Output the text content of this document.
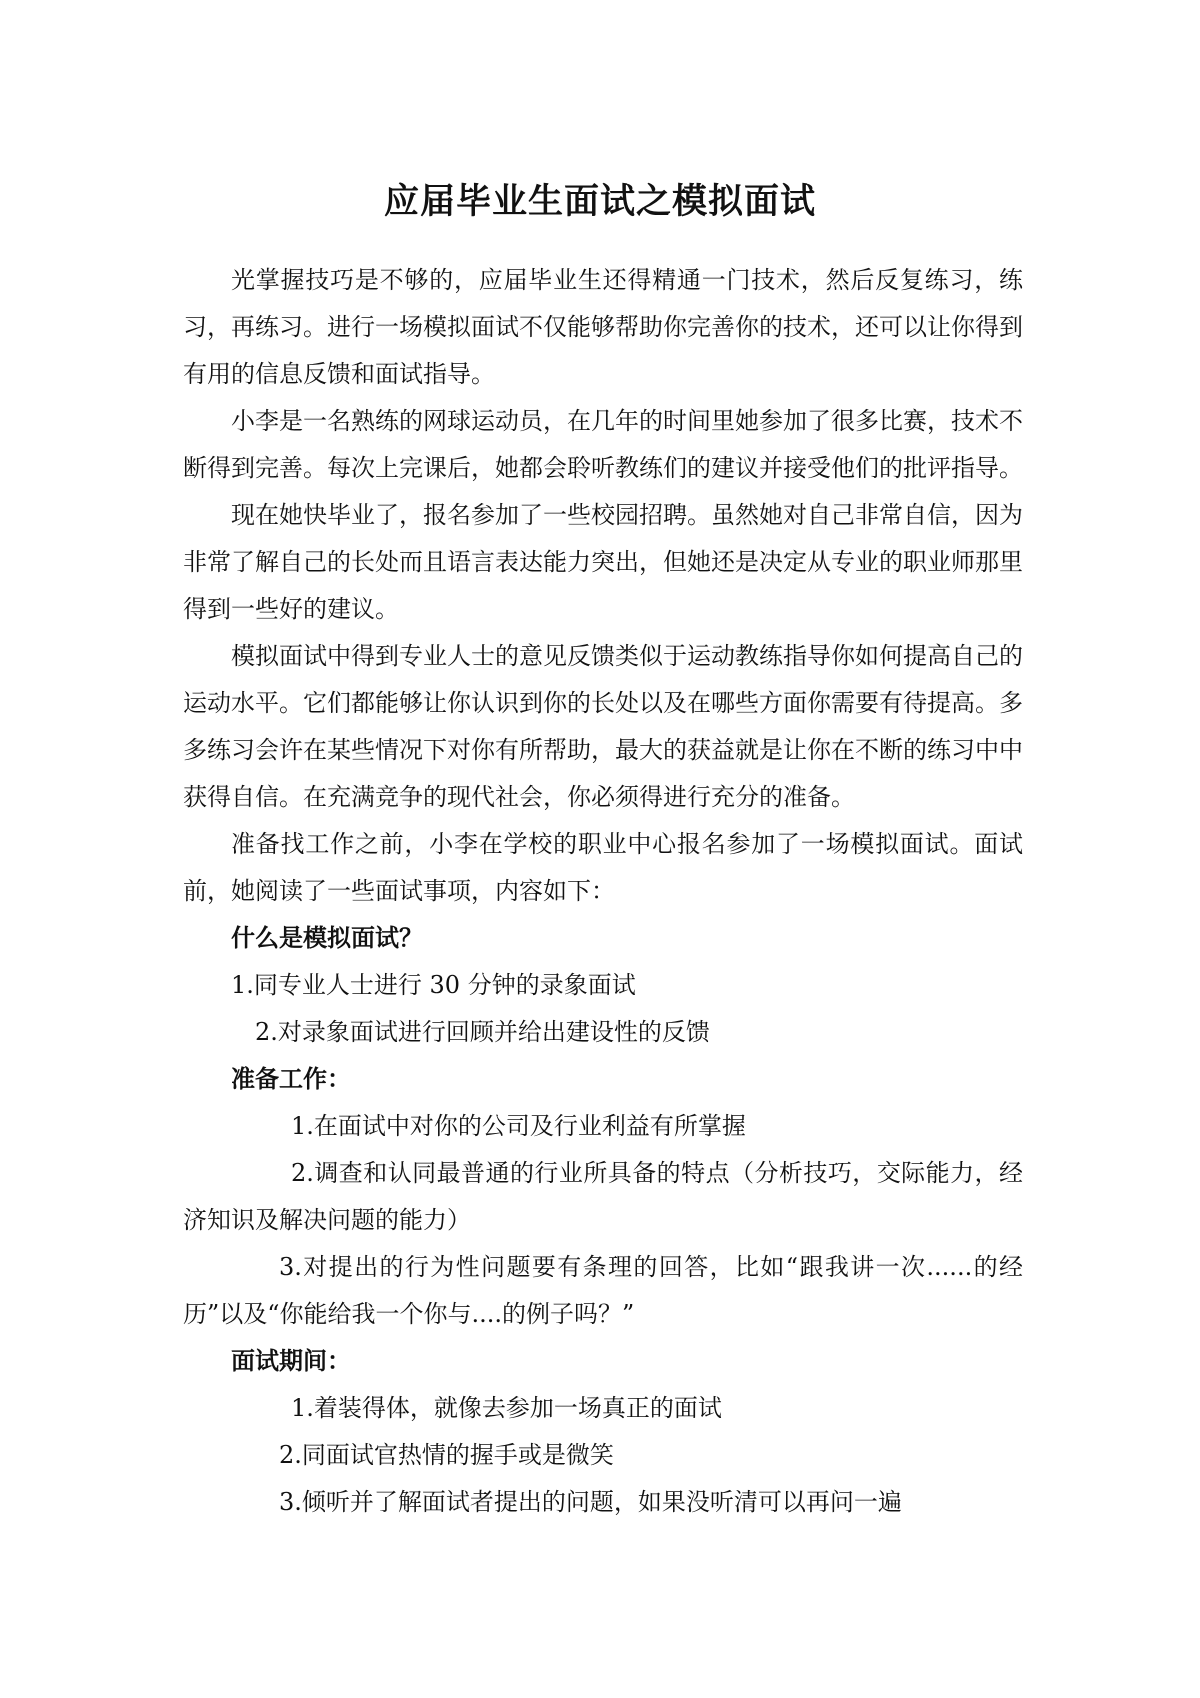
应届毕业生面试之模拟面试

光掌握技巧是不够的，应届毕业生还得精通一门技术，然后反复练习，练习，再练习。进行一场模拟面试不仅能够帮助你完善你的技术，还可以让你得到有用的信息反馈和面试指导。

小李是一名熟练的网球运动员，在几年的时间里她参加了很多比赛，技术不断得到完善。每次上完课后，她都会聆听教练们的建议并接受他们的批评指导。

现在她快毕业了，报名参加了一些校园招聘。虽然她对自己非常自信，因为非常了解自己的长处而且语言表达能力突出，但她还是决定从专业的职业师那里得到一些好的建议。

模拟面试中得到专业人士的意见反馈类似于运动教练指导你如何提高自己的运动水平。它们都能够让你认识到你的长处以及在哪些方面你需要有待提高。多多练习会许在某些情况下对你有所帮助，最大的获益就是让你在不断的练习中中获得自信。在充满竞争的现代社会，你必须得进行充分的准备。

准备找工作之前，小李在学校的职业中心报名参加了一场模拟面试。面试前，她阅读了一些面试事项，内容如下：

什么是模拟面试？

1.同专业人士进行 30 分钟的录象面试

2.对录象面试进行回顾并给出建设性的反馈

准备工作：

1.在面试中对你的公司及行业利益有所掌握

2.调查和认同最普通的行业所具备的特点（分析技巧，交际能力，经济知识及解决问题的能力）

3.对提出的行为性问题要有条理的回答，比如“跟我讲一次......的经历”以及“你能给我一个你与....的例子吗？”

面试期间：

1.着装得体，就像去参加一场真正的面试

2.同面试官热情的握手或是微笑

3.倾听并了解面试者提出的问题，如果没听清可以再问一遍
